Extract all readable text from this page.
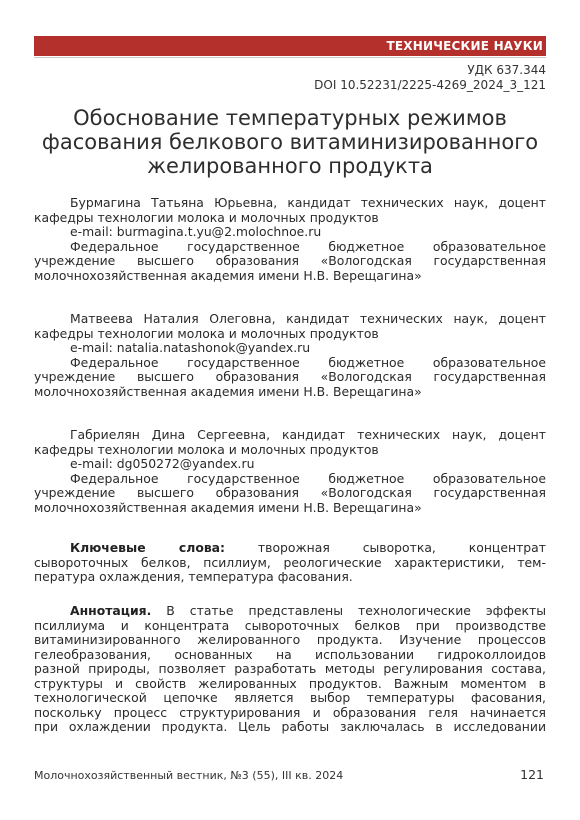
ТЕХНИЧЕСКИЕ НАУКИ
УДК 637.344
DOI 10.52231/2225-4269_2024_3_121
Обоснование температурных режимов
фасования белкового витаминизированного
желированного продукта

Бурмагина Татьяна Юрьевна, кандидат технических наук, доцент

кафедры технологии молока и молочных продуктов

e-mail: burmagina.t.yu@2.molochnoe.ru

Федеральное государственное бюджетное образовательное

учреждение высшего образования «Вологодская государственная

молочнохозяйственная академия имени Н.В. Верещагина»

Матвеева Наталия Олеговна, кандидат технических наук, доцент

кафедры технологии молока и молочных продуктов

e-mail: natalia.natashonok@yandex.ru

Федеральное государственное бюджетное образовательное

учреждение высшего образования «Вологодская государственная

молочнохозяйственная академия имени Н.В. Верещагина»

Габриелян Дина Сергеевна, кандидат технических наук, доцент

кафедры технологии молока и молочных продуктов

e-mail: dg050272@yandex.ru

Федеральное государственное бюджетное образовательное

учреждение высшего образования «Вологодская государственная

молочнохозяйственная академия имени Н.В. Верещагина»

Ключевые слова:	творожная сыворотка, концентрат

сывороточных белков, псиллиум, реологические характеристики, тем-

пература охлаждения, температура фасования.

Аннотация. В статье представлены технологические эффекты

псиллиума и концентрата сывороточных белков при производстве

витаминизированного желированного продукта. Изучение процессов

гелеобразования, основанных на использовании гидроколлоидов

разной природы, позволяет разработать методы регулирования состава,

структуры и свойств желированных продуктов. Важным моментом в

технологической цепочке является выбор температуры фасования,

поскольку процесс структурирования и образования геля начинается

при охлаждении продукта. Цель работы заключалась в исследовании

Молочнохозяйственный вестник, №3 (55), III кв. 2024	121
